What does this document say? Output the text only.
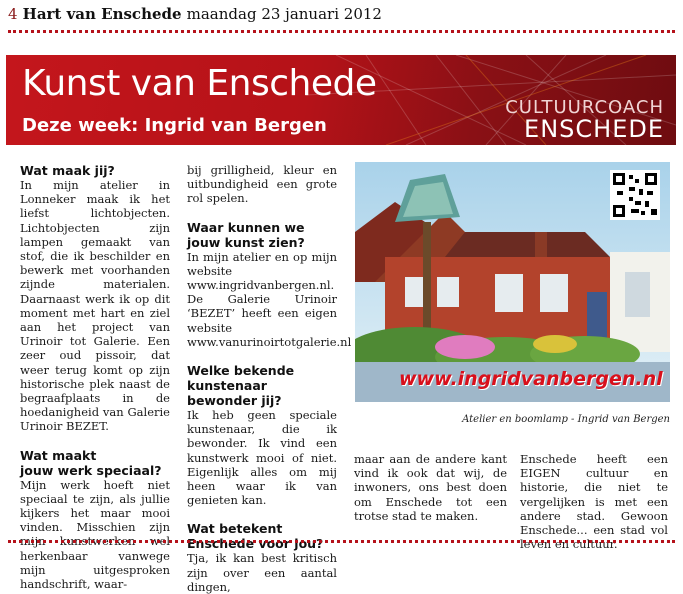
4 Hart van Enschede maandag 23 januari 2012
Kunst van Enschede
Deze week: Ingrid van Bergen
CULTUURCOACH
ENSCHEDE
Wat maak jij?

In mijn atelier in Lonneker maak ik het liefst lichtobjecten. Lichtobjecten zijn lampen gemaakt van stof, die ik beschilder en bewerk met voorhanden zijnde materialen. Daarnaast werk ik op dit moment met hart en ziel aan het project van Urinoir tot Galerie. Een zeer oud pissoir, dat weer terug komt op zijn historische plek naast de begraafplaats in de hoedanigheid van Galerie Urinoir BEZET.

Wat maakt
jouw werk speciaal?

Mijn werk hoeft niet speciaal te zijn, als jullie kijkers het maar mooi vinden. Misschien zijn mijn kunstwerken wel herkenbaar vanwege mijn uitgesproken handschrift, waar-

bij grilligheid, kleur en uitbundigheid een grote rol spelen.

Waar kunnen we
jouw kunst zien?

In mijn atelier en op mijn website www.ingridvanbergen.nl. De Galerie Urinoir ‘BEZET’ heeft een eigen website www.vanurinoirtotgalerie.nl

Welke bekende
kunstenaar bewonder jij?

Ik heb geen speciale kunstenaar, die ik bewonder. Ik vind een kunstwerk mooi of niet. Eigenlijk alles om mij heen waar ik van genieten kan.

Wat betekent
Enschede voor jou?

Tja, ik kan best kritisch zijn over een aantal dingen,

www.ingridvanbergen.nl
Atelier en boomlamp - Ingrid van Bergen

maar aan de andere kant vind ik ook dat wij, de inwoners, ons best doen om Enschede tot een trotse stad te maken.

Enschede heeft een EIGEN cultuur en historie, die niet te vergelijken is met een andere stad. Gewoon Enschede... een stad vol leven en cultuur.
